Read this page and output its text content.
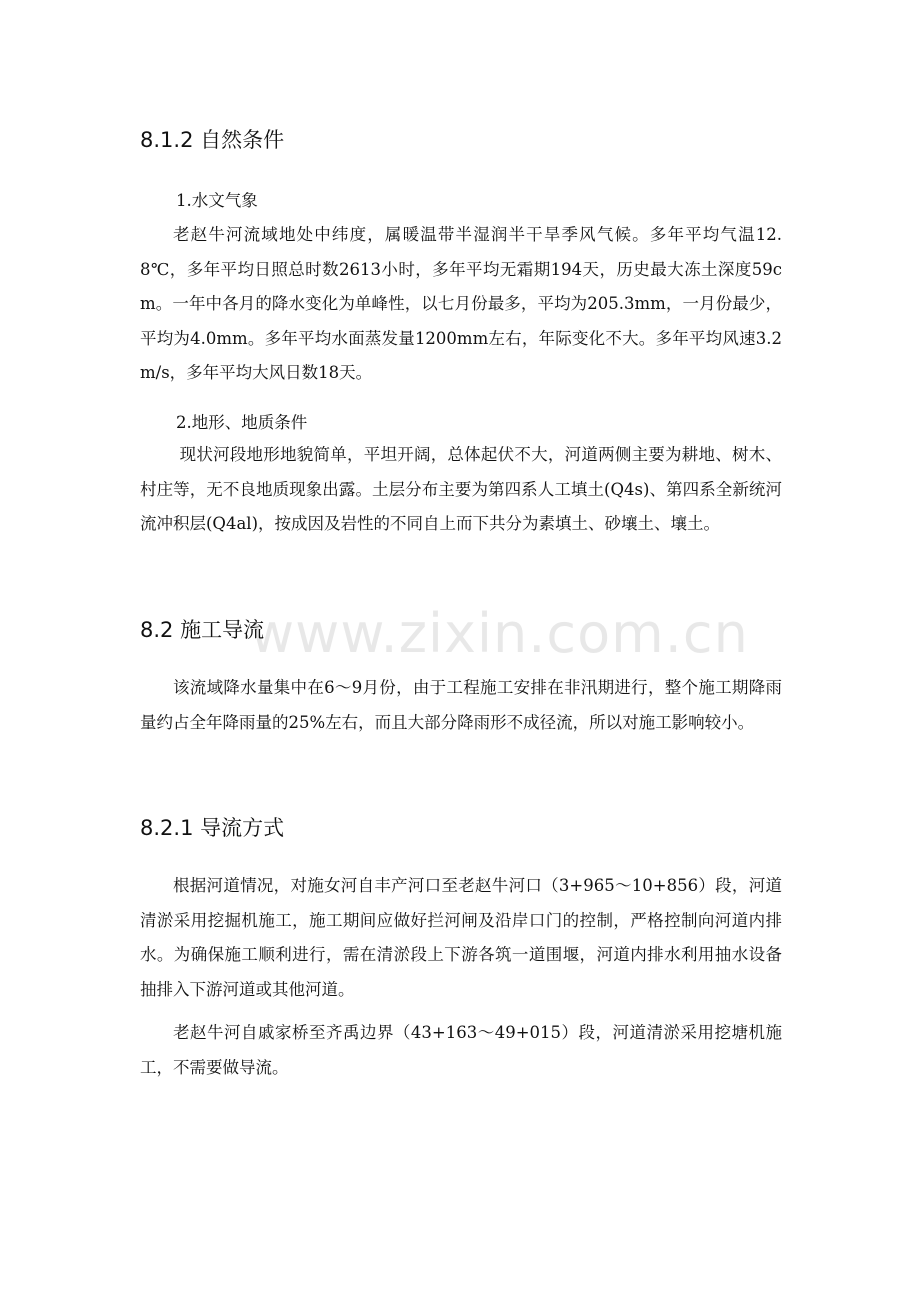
8.1.2 自然条件
1.水文气象
老赵牛河流域地处中纬度，属暖温带半湿润半干旱季风气候。多年平均气温12.8℃，多年平均日照总时数2613小时，多年平均无霜期194天，历史最大冻土深度59cm。一年中各月的降水变化为单峰性，以七月份最多，平均为205.3mm，一月份最少，平均为4.0mm。多年平均水面蒸发量1200mm左右，年际变化不大。多年平均风速3.2m/s，多年平均大风日数18天。
2.地形、地质条件
现状河段地形地貌简单，平坦开阔，总体起伏不大，河道两侧主要为耕地、树木、村庄等，无不良地质现象出露。土层分布主要为第四系人工填土(Q4s)、第四系全新统河流冲积层(Q4al)，按成因及岩性的不同自上而下共分为素填土、砂壤土、壤土。
8.2 施工导流
该流域降水量集中在6～9月份，由于工程施工安排在非汛期进行，整个施工期降雨量约占全年降雨量的25%左右，而且大部分降雨形不成径流，所以对施工影响较小。
8.2.1 导流方式
根据河道情况，对施女河自丰产河口至老赵牛河口（3+965～10+856）段，河道清淤采用挖掘机施工，施工期间应做好拦河闸及沿岸口门的控制，严格控制向河道内排水。为确保施工顺利进行，需在清淤段上下游各筑一道围堰，河道内排水利用抽水设备抽排入下游河道或其他河道。
老赵牛河自戚家桥至齐禹边界（43+163～49+015）段，河道清淤采用挖塘机施工，不需要做导流。
www.zixin.com.cn
